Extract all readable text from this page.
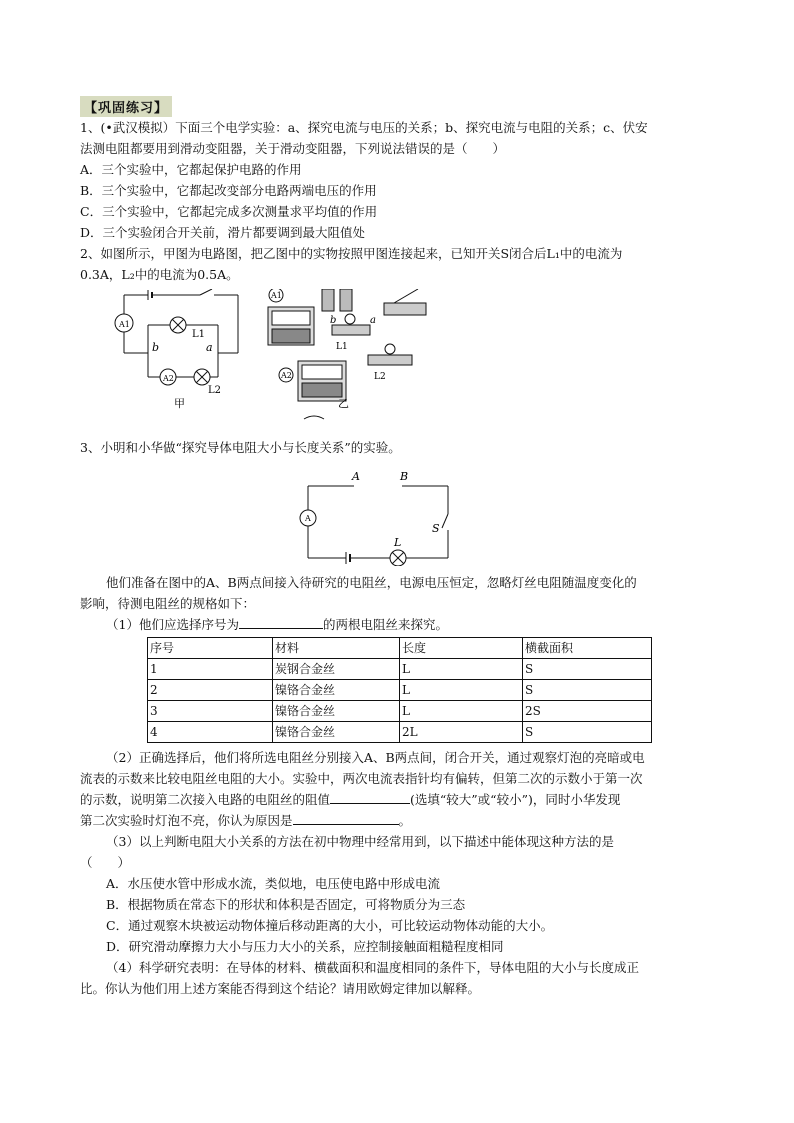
【巩固练习】

1、(•武汉模拟）下面三个电学实验：a、探究电流与电压的关系；b、探究电流与电阻的关系；c、伏安

法测电阻都要用到滑动变阻器，关于滑动变阻器，下列说法错误的是（　　）

A．三个实验中，它都起保护电路的作用

B．三个实验中，它都起改变部分电路两端电压的作用

C．三个实验中，它都起完成多次测量求平均值的作用

D．三个实验闭合开关前，滑片都要调到最大阻值处

2、如图所示，甲图为电路图，把乙图中的实物按照甲图连接起来，已知开关S闭合后L₁中的电流为

0.3A，L₂中的电流为0.5A。

A1
A2
L1
L2
b	a
甲
A1
A2
L1
L2
b	a
乙

3、小明和小华做“探究导体电阻大小与长度关系”的实验。

A
A	B
S
L

他们准备在图中的A、B两点间接入待研究的电阻丝，电源电压恒定，忽略灯丝电阻随温度变化的

影响，待测电阻丝的规格如下：

（1）他们应选择序号为	的两根电阻丝来探究。

序号	材料	长度	横截面积
1	炭钢合金丝	L	S
2	镍铬合金丝	L	S
3	镍铬合金丝	L	2S
4	镍铬合金丝	2L	S

（2）正确选择后，他们将所选电阻丝分别接入A、B两点间，闭合开关，通过观察灯泡的亮暗或电

流表的示数来比较电阻丝电阻的大小。实验中，两次电流表指针均有偏转，但第二次的示数小于第一次

的示数，说明第二次接入电路的电阻丝的阻值	(选填“较大”或“较小”)，同时小华发现

第二次实验时灯泡不亮，你认为原因是	。

（3）以上判断电阻大小关系的方法在初中物理中经常用到，以下描述中能体现这种方法的是

（　　）

A．水压使水管中形成水流，类似地，电压使电路中形成电流

B．根据物质在常态下的形状和体积是否固定，可将物质分为三态

C．通过观察木块被运动物体撞后移动距离的大小，可比较运动物体动能的大小。

D．研究滑动摩擦力大小与压力大小的关系，应控制接触面粗糙程度相同

（4）科学研究表明：在导体的材料、横截面积和温度相同的条件下，导体电阻的大小与长度成正

比。你认为他们用上述方案能否得到这个结论？请用欧姆定律加以解释。
